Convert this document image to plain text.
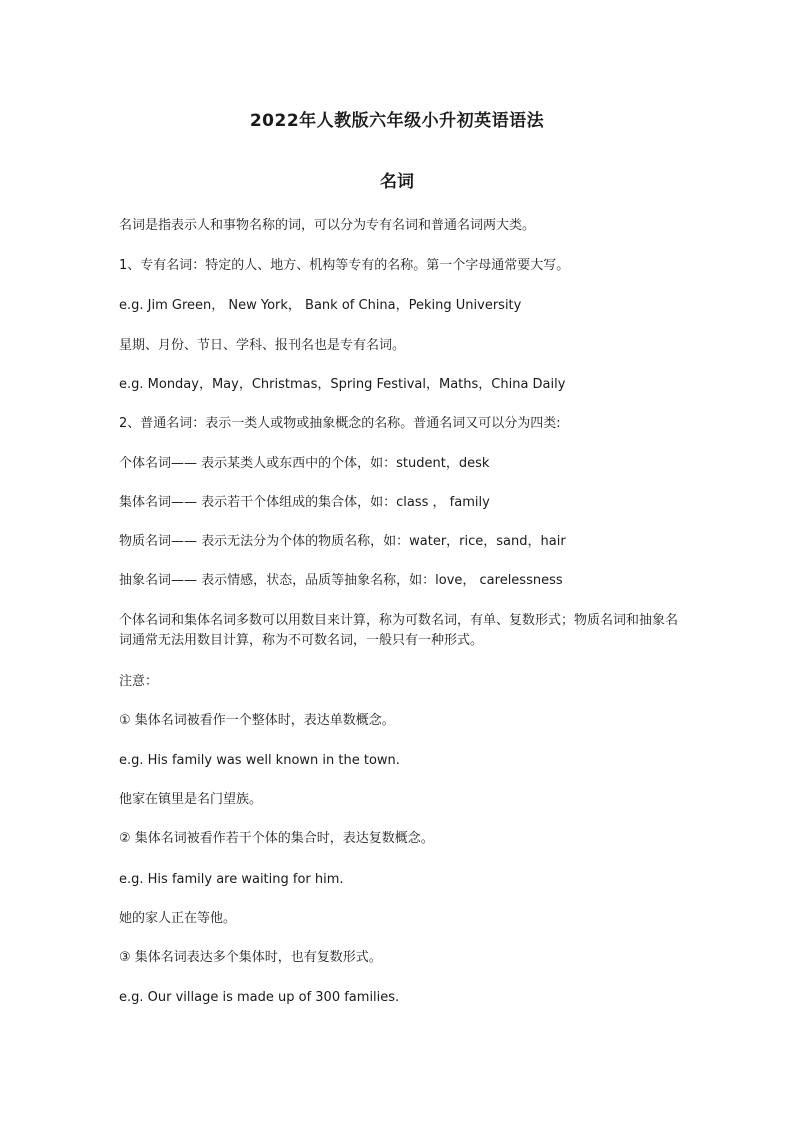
2022年人教版六年级小升初英语语法
名词
名词是指表示人和事物名称的词，可以分为专有名词和普通名词两大类。
1、专有名词：特定的人、地方、机构等专有的名称。第一个字母通常要大写。
e.g. Jim Green， New York， Bank of China，Peking University
星期、月份、节日、学科、报刊名也是专有名词。
e.g. Monday，May，Christmas，Spring Festival，Maths，China Daily
2、普通名词：表示一类人或物或抽象概念的名称。普通名词又可以分为四类:
个体名词—— 表示某类人或东西中的个体，如：student，desk
集体名词—— 表示若干个体组成的集合体，如：class ， family
物质名词—— 表示无法分为个体的物质名称，如：water，rice，sand，hair
抽象名词—— 表示情感，状态，品质等抽象名称，如：love， carelessness
个体名词和集体名词多数可以用数目来计算，称为可数名词，有单、复数形式；物质名词和抽象名词通常无法用数目计算，称为不可数名词，一般只有一种形式。
注意：
① 集体名词被看作一个整体时，表达单数概念。
e.g. His family was well known in the town.
他家在镇里是名门望族。
② 集体名词被看作若干个体的集合时，表达复数概念。
e.g. His family are waiting for him.
她的家人正在等他。
③ 集体名词表达多个集体时，也有复数形式。
e.g. Our village is made up of 300 families.
